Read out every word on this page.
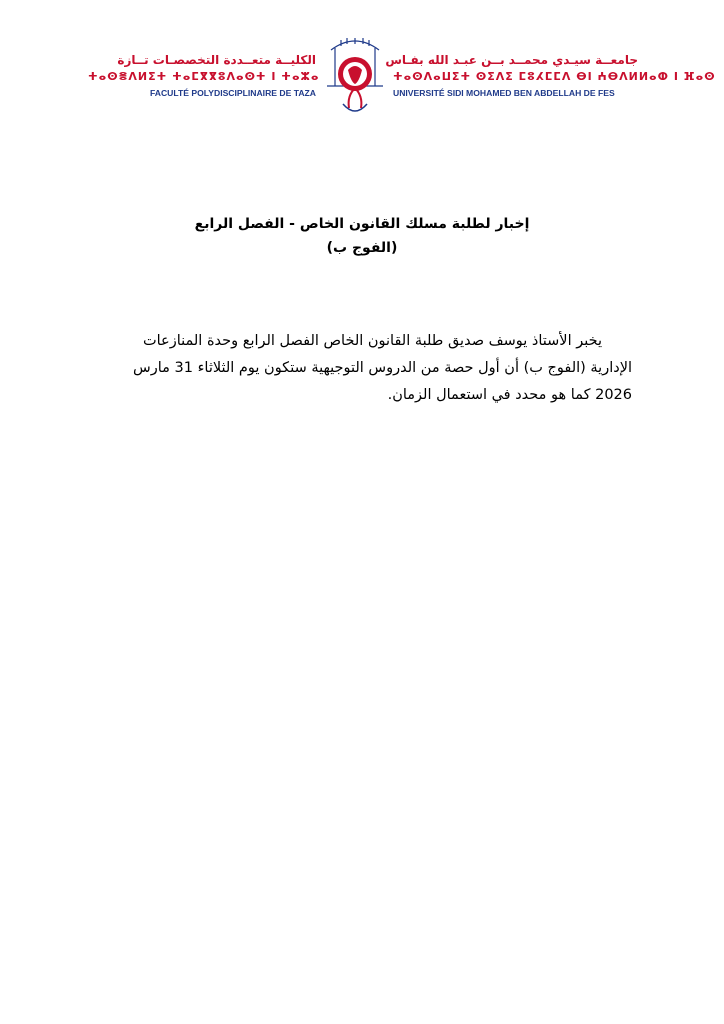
الكليــة متعــددة التخصصـات تــازة
ⵜⴰⵙⴻⴷⵍⵉⵜ ⵜⴰⵎⴳⴳⵓⴷⴰⵙⵜ ⵏ ⵜⴰⵣⴰ
FACULTÉ POLYDISCIPLINAIRE DE TAZA
جامعــة سيـدي محمــد بــن عبـد الله بفـاس
ⵜⴰⵙⴷⴰⵡⵉⵜ ⵙⵉⴷⵉ ⵎⵓⵃⵎⵎⴷ ⴱⵏ ⵄⴱⴷⵍⵍⴰⵀ ⵏ ⴼⴰⵙ
UNIVERSITÉ SIDI MOHAMED BEN ABDELLAH DE FES
إخبار لطلبة مسلك القانون الخاص - الفصل الرابع
(الفوج ب)
يخبر الأستاذ يوسف صديق طلبة القانون الخاص الفصل الرابع وحدة المنازعات
الإدارية (الفوج ب) أن أول حصة من الدروس التوجيهية ستكون يوم الثلاثاء 31 مارس
2026 كما هو محدد في استعمال الزمان.
